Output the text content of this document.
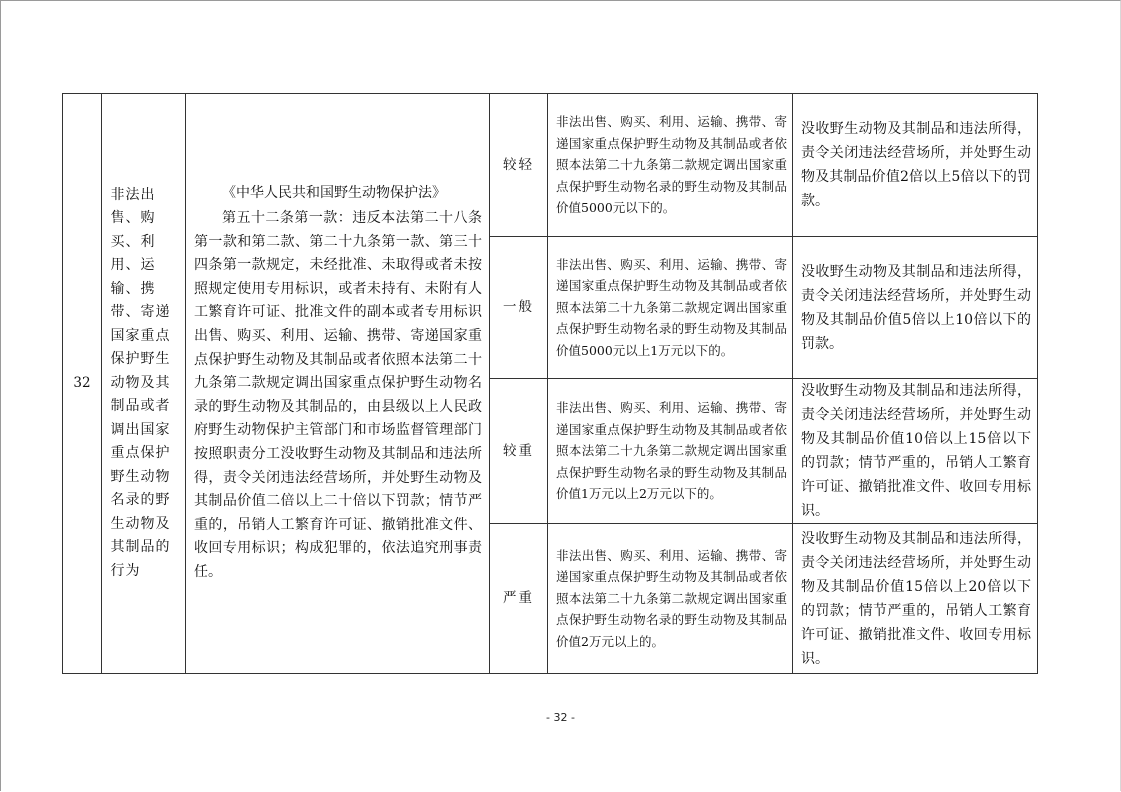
32	非法出售、购买、利用、运输、携带、寄递国家重点保护野生动物及其制品或者调出国家重点保护野生动物名录的野生动物及其制品的行为	《中华人民共和国野生动物保护法》
第五十二条第一款：违反本法第二十八条第一款和第二款、第二十九条第一款、第三十四条第一款规定，未经批准、未取得或者未按照规定使用专用标识，或者未持有、未附有人工繁育许可证、批准文件的副本或者专用标识出售、购买、利用、运输、携带、寄递国家重点保护野生动物及其制品或者依照本法第二十九条第二款规定调出国家重点保护野生动物名录的野生动物及其制品的，由县级以上人民政府野生动物保护主管部门和市场监督管理部门按照职责分工没收野生动物及其制品和违法所得，责令关闭违法经营场所，并处野生动物及其制品价值二倍以上二十倍以下罚款；情节严重的，吊销人工繁育许可证、撤销批准文件、收回专用标识；构成犯罪的，依法追究刑事责任。	较轻	非法出售、购买、利用、运输、携带、寄递国家重点保护野生动物及其制品或者依照本法第二十九条第二款规定调出国家重点保护野生动物名录的野生动物及其制品价值5000元以下的。	没收野生动物及其制品和违法所得，责令关闭违法经营场所，并处野生动物及其制品价值2倍以上5倍以下的罚款。

			一般	非法出售、购买、利用、运输、携带、寄递国家重点保护野生动物及其制品或者依照本法第二十九条第二款规定调出国家重点保护野生动物名录的野生动物及其制品价值5000元以上1万元以下的。	没收野生动物及其制品和违法所得，责令关闭违法经营场所，并处野生动物及其制品价值5倍以上10倍以下的罚款。

			较重	非法出售、购买、利用、运输、携带、寄递国家重点保护野生动物及其制品或者依照本法第二十九条第二款规定调出国家重点保护野生动物名录的野生动物及其制品价值1万元以上2万元以下的。	没收野生动物及其制品和违法所得，责令关闭违法经营场所，并处野生动物及其制品价值10倍以上15倍以下的罚款；情节严重的，吊销人工繁育许可证、撤销批准文件、收回专用标识。

			严重	非法出售、购买、利用、运输、携带、寄递国家重点保护野生动物及其制品或者依照本法第二十九条第二款规定调出国家重点保护野生动物名录的野生动物及其制品价值2万元以上的。	没收野生动物及其制品和违法所得，责令关闭违法经营场所，并处野生动物及其制品价值15倍以上20倍以下的罚款；情节严重的，吊销人工繁育许可证、撤销批准文件、收回专用标识。
- 32 -
